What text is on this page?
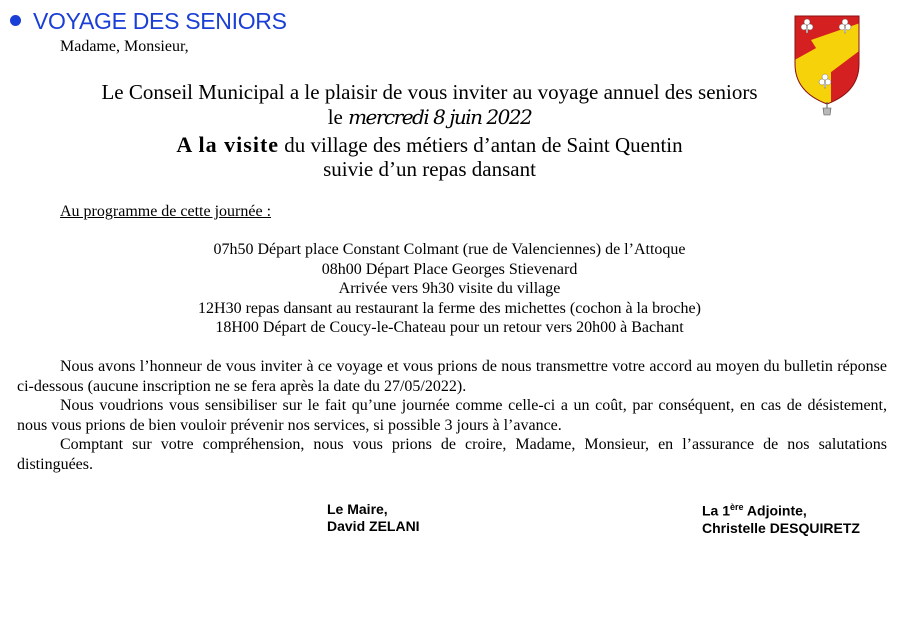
VOYAGE DES SENIORS
Madame, Monsieur,
Le Conseil Municipal a le plaisir de vous inviter au voyage annuel des seniors
le mercredi 8 juin 2022
A la visite du village des métiers d’antan de Saint Quentin
suivie d’un repas dansant
Au programme de cette journée :
07h50 Départ place Constant Colmant (rue de Valenciennes) de l’Attoque
08h00 Départ Place Georges Stievenard
Arrivée vers 9h30 visite du village
12H30 repas dansant au restaurant la ferme des michettes (cochon à la broche)
18H00 Départ de Coucy-le-Chateau pour un retour vers 20h00 à Bachant

Nous avons l’honneur de vous inviter à ce voyage et vous prions de nous transmettre votre accord au moyen du bulletin réponse ci-dessous (aucune inscription ne se fera après la date du 27/05/2022).

Nous voudrions vous sensibiliser sur le fait qu’une journée comme celle-ci a un coût, par conséquent, en cas de désistement, nous vous prions de bien vouloir prévenir nos services, si possible 3 jours à l’avance.

Comptant sur votre compréhension, nous vous prions de croire, Madame, Monsieur, en l’assurance de nos salutations distinguées.

Le Maire,
David ZELANI
La 1ère Adjointe,
Christelle DESQUIRETZ
